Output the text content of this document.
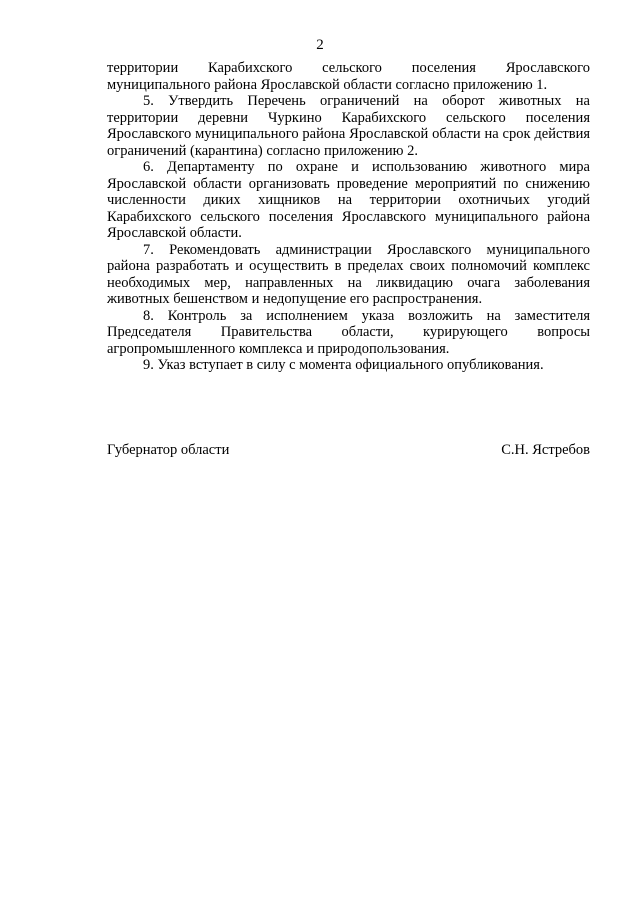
2

территории Карабихского сельского поселения Ярославского муниципального района Ярославской области согласно приложению 1.

5. Утвердить Перечень ограничений на оборот животных на территории деревни Чуркино Карабихского сельского поселения Ярославского муниципального района Ярославской области на срок действия ограничений (карантина) согласно приложению 2.

6. Департаменту по охране и использованию животного мира Ярославской области организовать проведение мероприятий по снижению численности диких хищников на территории охотничьих угодий Карабихского сельского поселения Ярославского муниципального района Ярославской области.

7. Рекомендовать администрации Ярославского муниципального района разработать и осуществить в пределах своих полномочий комплекс необходимых мер, направленных на ликвидацию очага заболевания животных бешенством и недопущение его распространения.

8. Контроль за исполнением указа возложить на заместителя Председателя Правительства области, курирующего вопросы агропромышленного комплекса и природопользования.

9. Указ вступает в силу с момента официального опубликования.

Губернатор области	С.Н. Ястребов
